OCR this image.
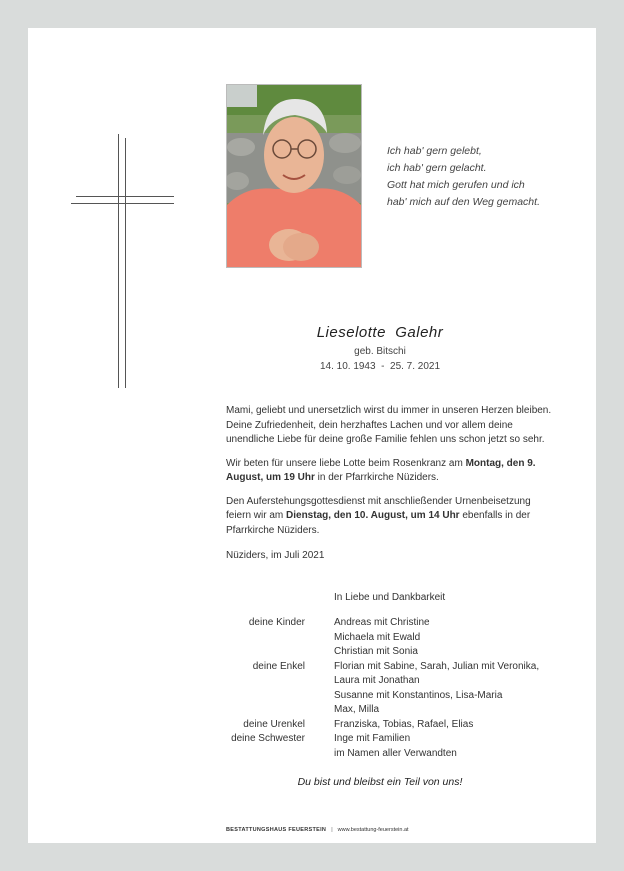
Ich hab' gern gelebt,
ich hab' gern gelacht.
Gott hat mich gerufen und ich
hab' mich auf den Weg gemacht.
Lieselotte  Galehr
geb. Bitschi
14. 10. 1943  -  25. 7. 2021

Mami, geliebt und unersetzlich wirst du immer in unseren Herzen bleiben. Deine Zufriedenheit, dein herzhaftes Lachen und vor allem deine unendliche Liebe für deine große Familie fehlen uns schon jetzt so sehr.

Wir beten für unsere liebe Lotte beim Rosenkranz am Montag, den 9. August, um 19 Uhr in der Pfarrkirche Nüziders.

Den Auferstehungsgottesdienst mit anschließender Urnenbeisetzung feiern wir am Dienstag, den 10. August, um 14 Uhr ebenfalls in der Pfarrkirche Nüziders.

Nüziders, im Juli 2021

In Liebe und Dankbarkeit
deine Kinder	Andreas mit Christine
Michaela mit Ewald
Christian mit Sonia
deine Enkel	Florian mit Sabine, Sarah, Julian mit Veronika,
Laura mit Jonathan
Susanne mit Konstantinos, Lisa-Maria
Max, Milla
deine Urenkel	Franziska, Tobias, Rafael, Elias
deine Schwester	Inge mit Familien
im Namen aller Verwandten
Du bist und bleibst ein Teil von uns!
BESTATTUNGSHAUS FEUERSTEIN | www.bestattung-feuerstein.at
